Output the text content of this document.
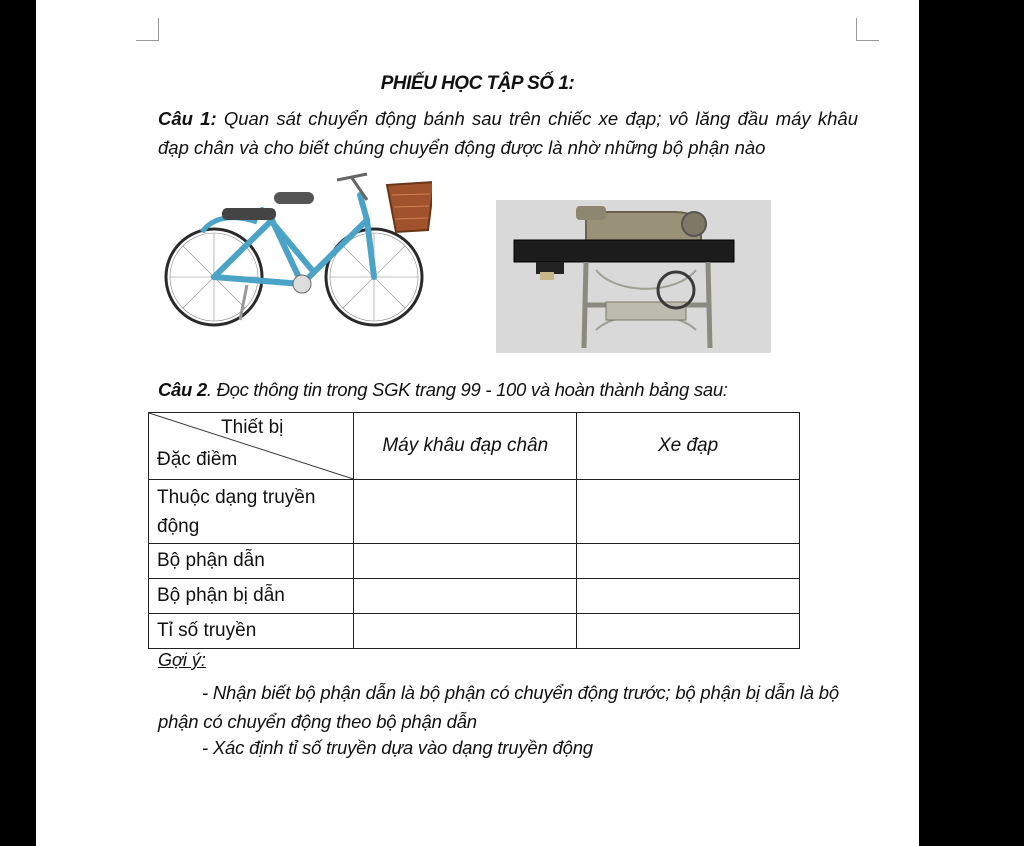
PHIẾU HỌC TẬP SỐ 1:
Câu 1: Quan sát chuyển động bánh sau trên chiếc xe đạp; vô lăng đầu máy khâu đạp chân và cho biết chúng chuyển động được là nhờ những bộ phận nào
Câu 2. Đọc thông tin trong SGK trang 99 - 100 và hoàn thành bảng sau:
Thiết bị
Đặc điềm	Máy khâu đạp chân	Xe đạp
Thuộc dạng truyền động		
Bộ phận dẫn		
Bộ phận bị dẫn		
Tỉ số truyền		
Gợi ý:
- Nhận biết bộ phận dẫn là bộ phận có chuyển động trước; bộ phận bị dẫn là bộ phận có chuyển động theo bộ phận dẫn
- Xác định tỉ số truyền dựa vào dạng truyền động
